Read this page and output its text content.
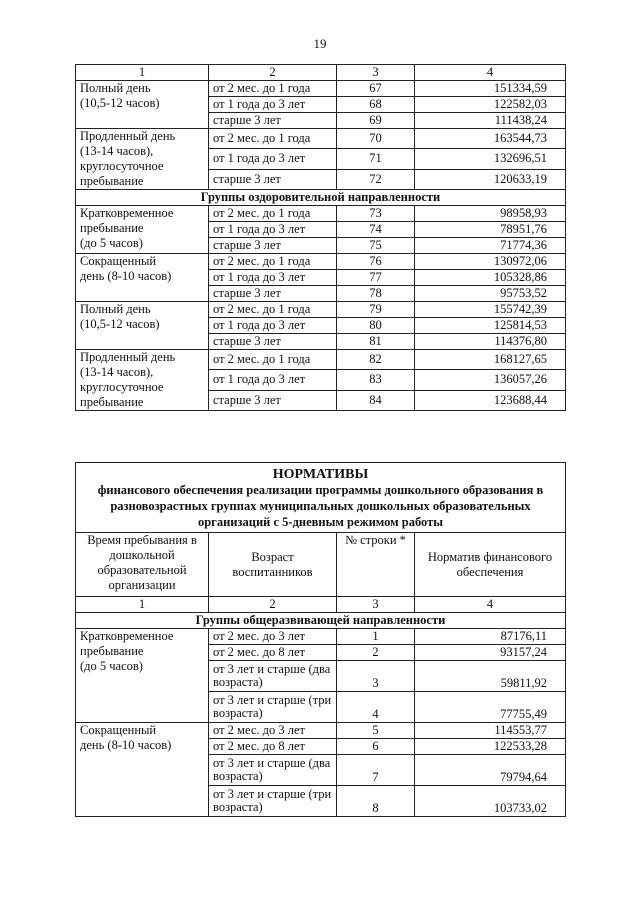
19
1	2	3	4

Полный день
(10,5-12 часов)	от 2 мес. до 1 года	67	151334,59
	от 1 года до 3 лет	68	122582,03
	старше 3 лет	69	111438,24

Продленный день
(13-14 часов),
круглосуточное
пребывание	от 2 мес. до 1 года	70	163544,73
	от 1 года до 3 лет	71	132696,51
	старше 3 лет	72	120633,19
Группы оздоровительной направленности			

Кратковременное
пребывание
(до 5 часов)	от 2 мес. до 1 года	73	98958,93
	от 1 года до 3 лет	74	78951,76
	старше 3 лет	75	71774,36

Сокращенный
день (8-10 часов)	от 2 мес. до 1 года	76	130972,06
	от 1 года до 3 лет	77	105328,86
	старше 3 лет	78	95753,52

Полный день
(10,5-12 часов)	от 2 мес. до 1 года	79	155742,39
	от 1 года до 3 лет	80	125814,53
	старше 3 лет	81	114376,80

Продленный день
(13-14 часов),
круглосуточное
пребывание	от 2 мес. до 1 года	82	168127,65
	от 1 года до 3 лет	83	136057,26
	старше 3 лет	84	123688,44
НОРМАТИВЫ
финансового обеспечения реализации программы дошкольного образования в разновозрастных группах муниципальных дошкольных образовательных организаций с 5-дневным режимом работы			

Время пребывания в дошкольной образовательной организации	Возраст воспитанников	№ строки *	Норматив финансового обеспечения
1	2	3	4
Группы общеразвивающей направленности			

Кратковременное
пребывание
(до 5 часов)	от 2 мес. до 3 лет	1	87176,11
	от 2 мес. до 8 лет	2	93157,24
	от 3 лет и старше (два возраста)	3	59811,92
	от 3 лет и старше (три возраста)	4	77755,49

Сокращенный
день (8-10 часов)	от 2 мес. до 3 лет	5	114553,77
	от 2 мес. до 8 лет	6	122533,28
	от 3 лет и старше (два возраста)	7	79794,64
	от 3 лет и старше (три возраста)	8	103733,02
